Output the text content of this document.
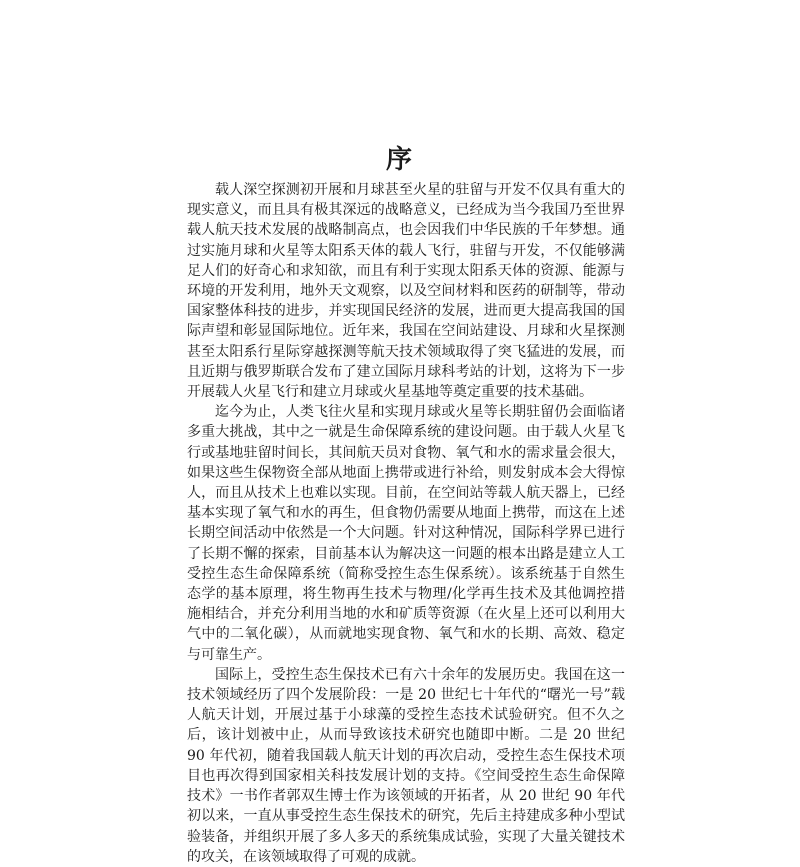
序

载人深空探测初开展和月球甚至火星的驻留与开发不仅具有重大的现实意义，而且具有极其深远的战略意义，已经成为当今我国乃至世界载人航天技术发展的战略制高点，也会因我们中华民族的千年梦想。通过实施月球和火星等太阳系天体的载人飞行，驻留与开发，不仅能够满足人们的好奇心和求知欲，而且有利于实现太阳系天体的资源、能源与环境的开发利用，地外天文观察，以及空间材料和医药的研制等，带动国家整体科技的进步，并实现国民经济的发展，进而更大提高我国的国际声望和彰显国际地位。近年来，我国在空间站建设、月球和火星探测甚至太阳系行星际穿越探测等航天技术领域取得了突飞猛进的发展，而且近期与俄罗斯联合发布了建立国际月球科考站的计划，这将为下一步开展载人火星飞行和建立月球或火星基地等奠定重要的技术基础。

迄今为止，人类飞往火星和实现月球或火星等长期驻留仍会面临诸多重大挑战，其中之一就是生命保障系统的建设问题。由于载人火星飞行或基地驻留时间长，其间航天员对食物、氧气和水的需求量会很大，如果这些生保物资全部从地面上携带或进行补给，则发射成本会大得惊人，而且从技术上也难以实现。目前，在空间站等载人航天器上，已经基本实现了氧气和水的再生，但食物仍需要从地面上携带，而这在上述长期空间活动中依然是一个大问题。针对这种情况，国际科学界已进行了长期不懈的探索，目前基本认为解决这一问题的根本出路是建立人工受控生态生命保障系统（简称受控生态生保系统）。该系统基于自然生态学的基本原理，将生物再生技术与物理/化学再生技术及其他调控措施相结合，并充分利用当地的水和矿质等资源（在火星上还可以利用大气中的二氧化碳），从而就地实现食物、氧气和水的长期、高效、稳定与可靠生产。

国际上，受控生态生保技术已有六十余年的发展历史。我国在这一技术领域经历了四个发展阶段：一是 20 世纪七十年代的“曙光一号”载人航天计划，开展过基于小球藻的受控生态技术试验研究。但不久之后，该计划被中止，从而导致该技术研究也随即中断。二是 20 世纪 90 年代初，随着我国载人航天计划的再次启动，受控生态生保技术项目也再次得到国家相关科技发展计划的支持。《空间受控生态生命保障技术》一书作者郭双生博士作为该领域的开拓者，从 20 世纪 90 年代初以来，一直从事受控生态生保技术的研究，先后主持建成多种小型试验装备，并组织开展了多人多天的系统集成试验，实现了大量关键技术的攻关，在该领域取得了可观的成就。
